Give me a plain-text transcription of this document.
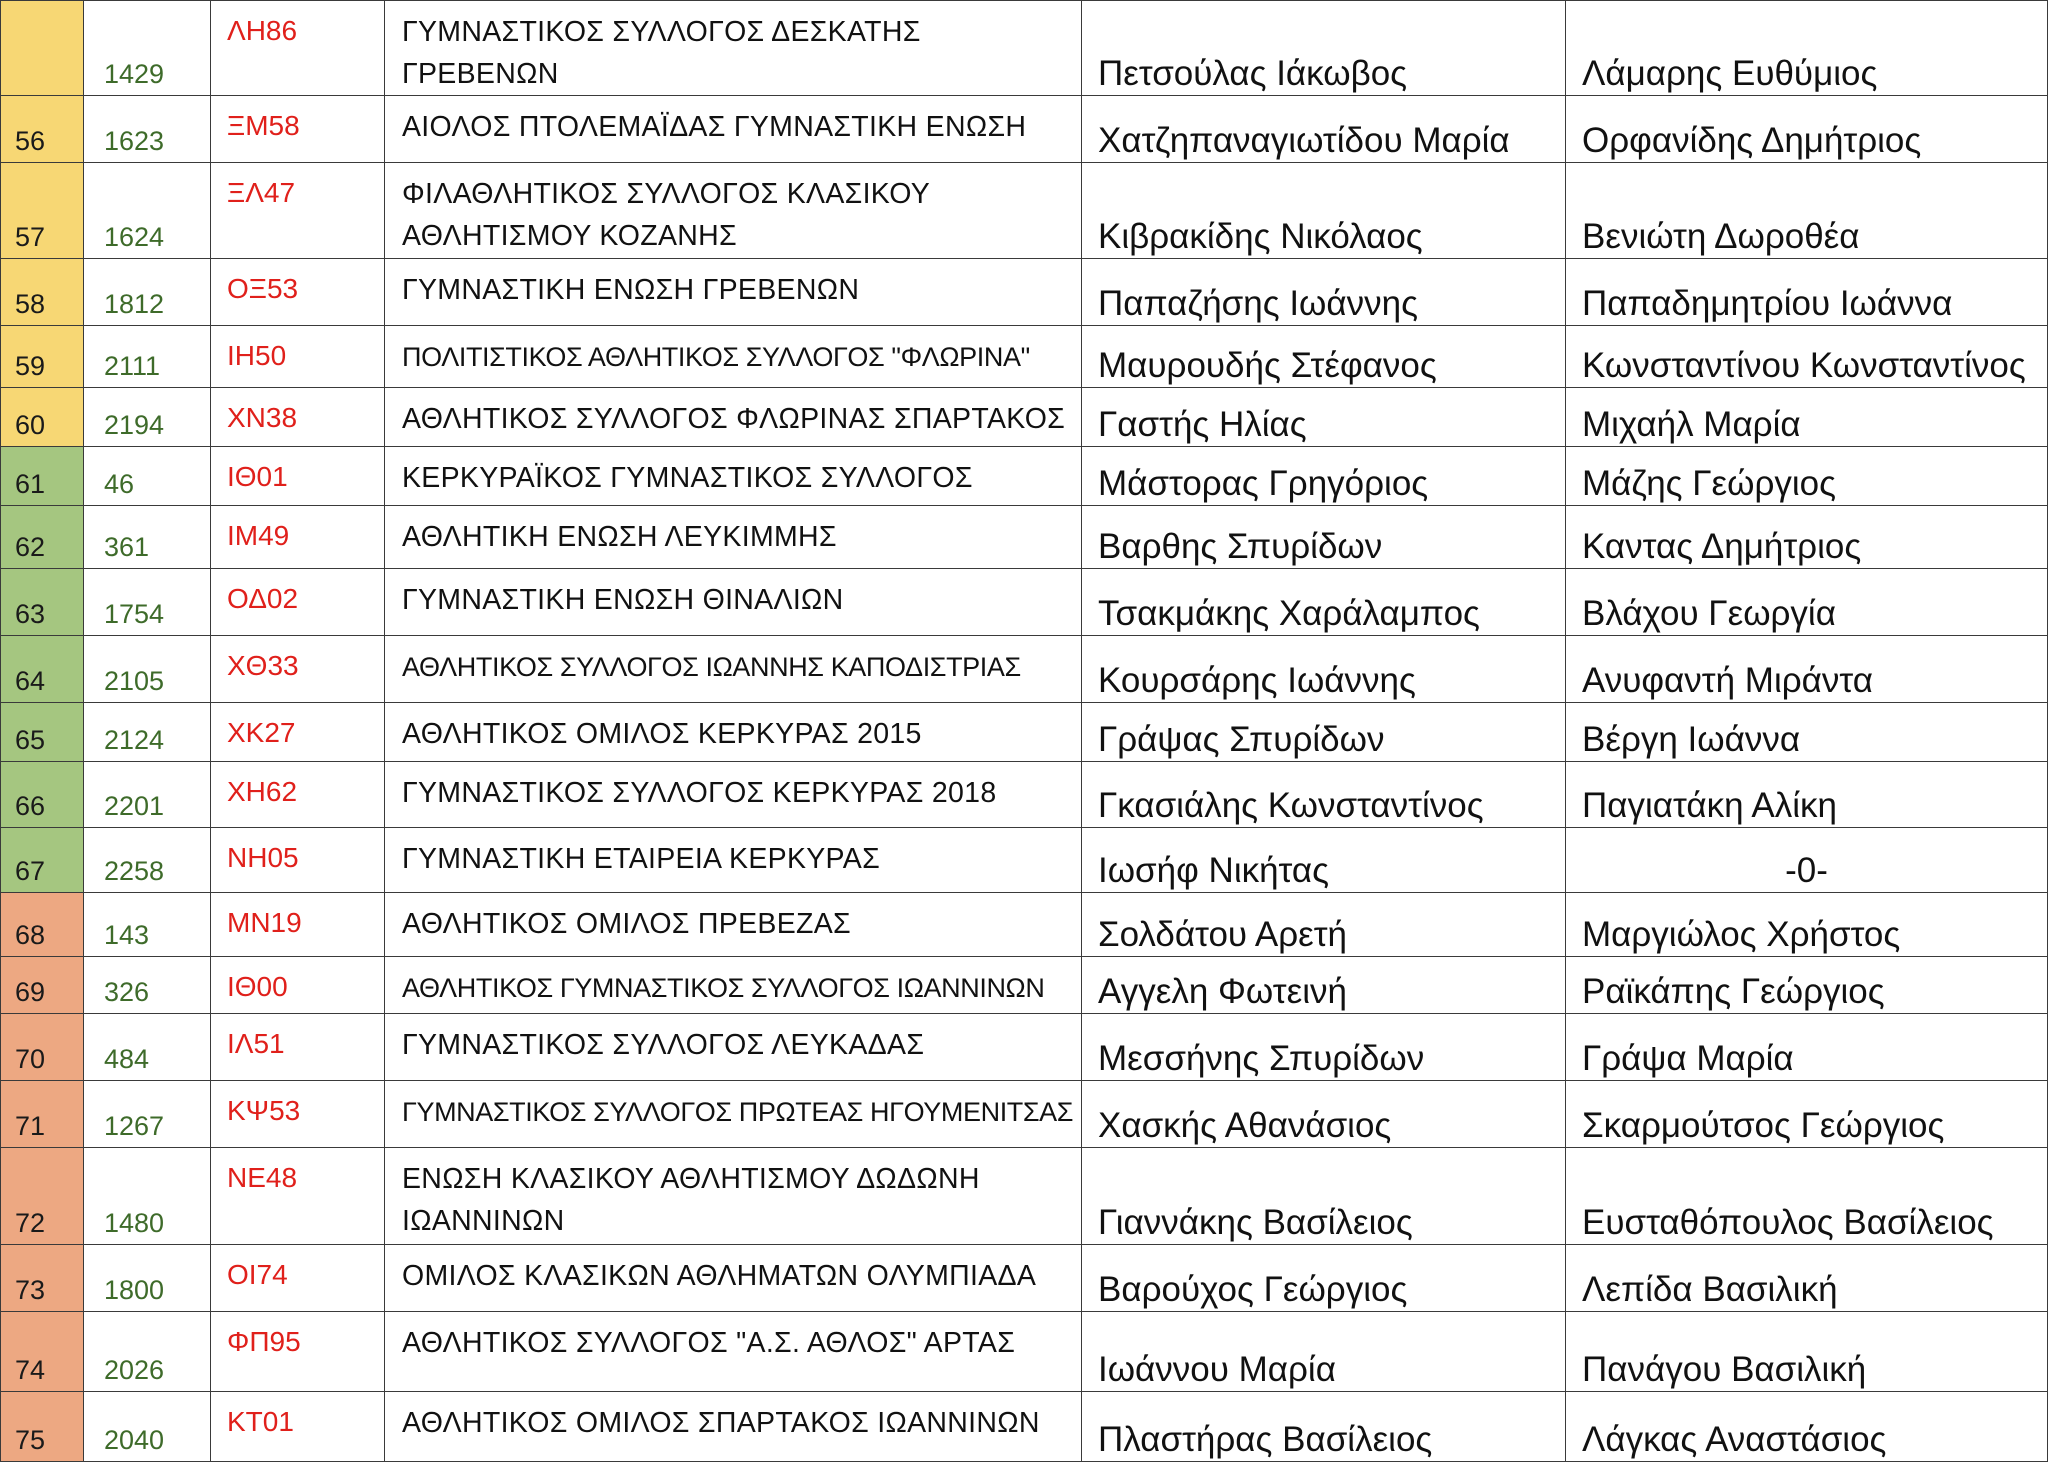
	1429	ΛΗ86	ΓΥΜΝΑΣΤΙΚΟΣ ΣΥΛΛΟΓΟΣ ΔΕΣΚΑΤΗΣ ΓΡΕΒΕΝΩΝ	Πετσούλας Ιάκωβος	Λάμαρης Ευθύμιος
56	1623	ΞΜ58	ΑΙΟΛΟΣ ΠΤΟΛΕΜΑΪΔΑΣ ΓΥΜΝΑΣΤΙΚΗ ΕΝΩΣΗ	Χατζηπαναγιωτίδου Μαρία	Ορφανίδης Δημήτριος
57	1624	ΞΛ47	ΦΙΛΑΘΛΗΤΙΚΟΣ ΣΥΛΛΟΓΟΣ ΚΛΑΣΙΚΟΥ ΑΘΛΗΤΙΣΜΟΥ ΚΟΖΑΝΗΣ	Κιβρακίδης Νικόλαος	Βενιώτη Δωροθέα
58	1812	ΟΞ53	ΓΥΜΝΑΣΤΙΚΗ ΕΝΩΣΗ ΓΡΕΒΕΝΩΝ	Παπαζήσης Ιωάννης	Παπαδημητρίου Ιωάννα
59	2111	ΙΗ50	ΠΟΛΙΤΙΣΤΙΚΟΣ ΑΘΛΗΤΙΚΟΣ ΣΥΛΛΟΓΟΣ "ΦΛΩΡΙΝΑ"	Μαυρουδής Στέφανος	Κωνσταντίνου Κωνσταντίνος
60	2194	ΧΝ38	ΑΘΛΗΤΙΚΟΣ ΣΥΛΛΟΓΟΣ ΦΛΩΡΙΝΑΣ ΣΠΑΡΤΑΚΟΣ	Γαστής Ηλίας	Μιχαήλ Μαρία
61	46	ΙΘ01	ΚΕΡΚΥΡΑΪΚΟΣ ΓΥΜΝΑΣΤΙΚΟΣ ΣΥΛΛΟΓΟΣ	Μάστορας Γρηγόριος	Μάζης Γεώργιος
62	361	ΙΜ49	ΑΘΛΗΤΙΚΗ ΕΝΩΣΗ ΛΕΥΚΙΜΜΗΣ	Βαρθης Σπυρίδων	Καντας Δημήτριος
63	1754	ΟΔ02	ΓΥΜΝΑΣΤΙΚΗ ΕΝΩΣΗ ΘΙΝΑΛΙΩΝ	Τσακμάκης Χαράλαμπος	Βλάχου Γεωργία
64	2105	ΧΘ33	ΑΘΛΗΤΙΚΟΣ ΣΥΛΛΟΓΟΣ ΙΩΑΝΝΗΣ ΚΑΠΟΔΙΣΤΡΙΑΣ	Κουρσάρης Ιωάννης	Ανυφαντή Μιράντα
65	2124	ΧΚ27	ΑΘΛΗΤΙΚΟΣ ΟΜΙΛΟΣ ΚΕΡΚΥΡΑΣ 2015	Γράψας Σπυρίδων	Βέργη Ιωάννα
66	2201	ΧΗ62	ΓΥΜΝΑΣΤΙΚΟΣ ΣΥΛΛΟΓΟΣ ΚΕΡΚΥΡΑΣ 2018	Γκασιάλης Κωνσταντίνος	Παγιατάκη Αλίκη
67	2258	ΝΗ05	ΓΥΜΝΑΣΤΙΚΗ ΕΤΑΙΡΕΙΑ ΚΕΡΚΥΡΑΣ	Ιωσήφ Νικήτας	-0-
68	143	ΜΝ19	ΑΘΛΗΤΙΚΟΣ ΟΜΙΛΟΣ ΠΡΕΒΕΖΑΣ	Σολδάτου Αρετή	Μαργιώλος Χρήστος
69	326	ΙΘ00	ΑΘΛΗΤΙΚΟΣ ΓΥΜΝΑΣΤΙΚΟΣ ΣΥΛΛΟΓΟΣ ΙΩΑΝΝΙΝΩΝ	Αγγελη Φωτεινή	Ραϊκάπης Γεώργιος
70	484	ΙΛ51	ΓΥΜΝΑΣΤΙΚΟΣ ΣΥΛΛΟΓΟΣ ΛΕΥΚΑΔΑΣ	Μεσσήνης Σπυρίδων	Γράψα Μαρία
71	1267	ΚΨ53	ΓΥΜΝΑΣΤΙΚΟΣ ΣΥΛΛΟΓΟΣ ΠΡΩΤΕΑΣ ΗΓΟΥΜΕΝΙΤΣΑΣ	Χασκής Αθανάσιος	Σκαρμούτσος Γεώργιος
72	1480	ΝΕ48	ΕΝΩΣΗ ΚΛΑΣΙΚΟΥ ΑΘΛΗΤΙΣΜΟΥ ΔΩΔΩΝΗ ΙΩΑΝΝΙΝΩΝ	Γιαννάκης Βασίλειος	Ευσταθόπουλος Βασίλειος
73	1800	ΟΙ74	ΟΜΙΛΟΣ ΚΛΑΣΙΚΩΝ ΑΘΛΗΜΑΤΩΝ ΟΛΥΜΠΙΑΔΑ	Βαρούχος Γεώργιος	Λεπίδα Βασιλική
74	2026	ΦΠ95	ΑΘΛΗΤΙΚΟΣ ΣΥΛΛΟΓΟΣ "Α.Σ. ΑΘΛΟΣ" ΑΡΤΑΣ	Ιωάννου Μαρία	Πανάγου Βασιλική
75	2040	ΚΤ01	ΑΘΛΗΤΙΚΟΣ ΟΜΙΛΟΣ ΣΠΑΡΤΑΚΟΣ ΙΩΑΝΝΙΝΩΝ	Πλαστήρας Βασίλειος	Λάγκας Αναστάσιος
